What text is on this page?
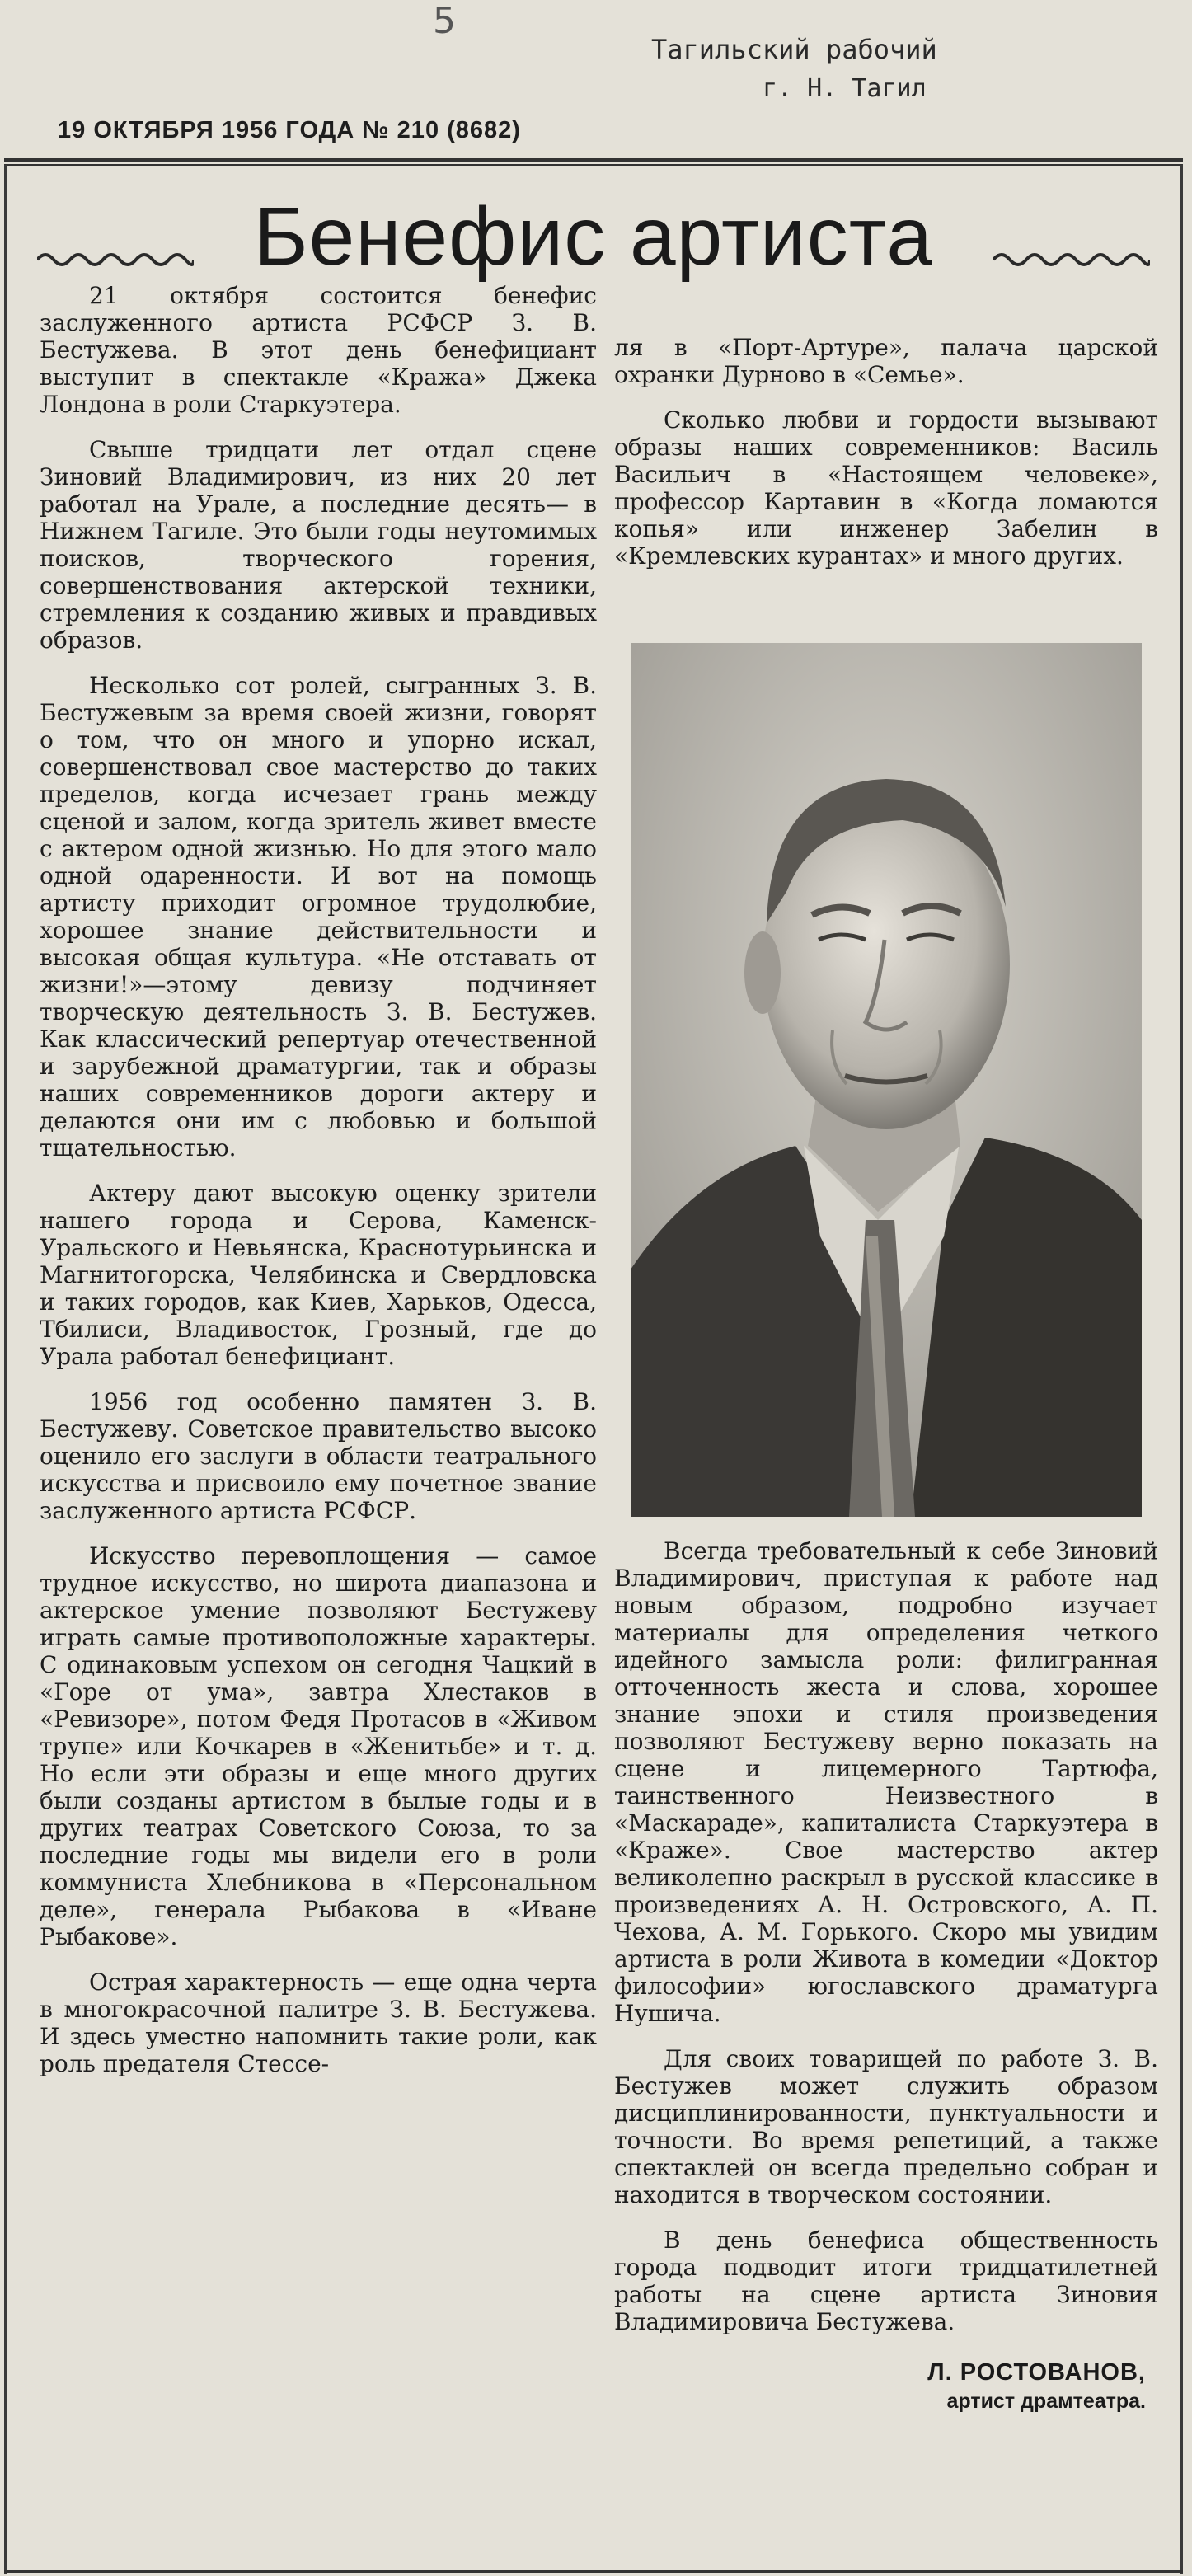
5
Тагильский рабочий
г. Н. Тагил
19 ОКТЯБРЯ 1956 ГОДА № 210 (8682)
Бенефис артиста

21 октября состоится бенефис заслуженного артиста РСФСР З. В. Бестужева. В этот день бенефициант выступит в спектакле «Кража» Джека Лондона в роли Старкуэтера.

Свыше тридцати лет отдал сцене Зиновий Владимирович, из них 20 лет работал на Урале, а последние десять— в Нижнем Тагиле. Это были годы неутомимых поисков, творческого горения, совершенствования актерской техники, стремления к созданию живых и правдивых образов.

Несколько сот ролей, сыгранных З. В. Бестужевым за время своей жизни, говорят о том, что он много и упорно искал, совершенствовал свое мастерство до таких пределов, когда исчезает грань между сценой и залом, когда зритель живет вместе с актером одной жизнью. Но для этого мало одной одаренности. И вот на помощь артисту приходит огромное трудолюбие, хорошее знание действительности и высокая общая культура. «Не отставать от жизни!»—этому девизу подчиняет творческую деятельность З. В. Бестужев. Как классический репертуар отечественной и зарубежной драматургии, так и образы наших современников дороги актеру и делаются они им с любовью и большой тщательностью.

Актеру дают высокую оценку зрители нашего города и Серова, Каменск-Уральского и Невьянска, Краснотурьинска и Магнитогорска, Челябинска и Свердловска и таких городов, как Киев, Харьков, Одесса, Тбилиси, Владивосток, Грозный, где до Урала работал бенефициант.

1956 год особенно памятен З. В. Бестужеву. Советское правительство высоко оценило его заслуги в области театрального искусства и присвоило ему почетное звание заслуженного артиста РСФСР.

Искусство перевоплощения — самое трудное искусство, но широта диапазона и актерское умение позволяют Бестужеву играть самые противоположные характеры. С одинаковым успехом он сегодня Чацкий в «Горе от ума», завтра Хлестаков в «Ревизоре», потом Федя Протасов в «Живом трупе» или Кочкарев в «Женитьбе» и т. д. Но если эти образы и еще много других были созданы артистом в былые годы и в других театрах Советского Союза, то за последние годы мы видели его в роли коммуниста Хлебникова в «Персональном деле», генерала Рыбакова в «Иване Рыбакове».

Острая характерность — еще одна черта в многокрасочной палитре З. В. Бестужева. И здесь уместно напомнить такие роли, как роль предателя Стессе-

ля в «Порт-Артуре», палача царской охранки Дурново в «Семье».

Сколько любви и гордости вызывают образы наших современников: Василь Васильич в «Настоящем человеке», профессор Картавин в «Когда ломаются копья» или инженер Забелин в «Кремлевских курантах» и много других.

Всегда требовательный к себе Зиновий Владимирович, приступая к работе над новым образом, подробно изучает материалы для определения четкого идейного замысла роли: филигранная отточенность жеста и слова, хорошее знание эпохи и стиля произведения позволяют Бестужеву верно показать на сцене и лицемерного Тартюфа, таинственного Неизвестного в «Маскараде», капиталиста Старкуэтера в «Краже». Свое мастерство актер великолепно раскрыл в русской классике в произведениях А. Н. Островского, А. П. Чехова, А. М. Горького. Скоро мы увидим артиста в роли Живота в комедии «Доктор философии» югославского драматурга Нушича.

Для своих товарищей по работе З. В. Бестужев может служить образом дисциплинированности, пунктуальности и точности. Во время репетиций, а также спектаклей он всегда предельно собран и находится в творческом состоянии.

В день бенефиса общественность города подводит итоги тридцатилетней работы на сцене артиста Зиновия Владимировича Бестужева.

Л. РОСТОВАНОВ,
артист драмтеатра.
